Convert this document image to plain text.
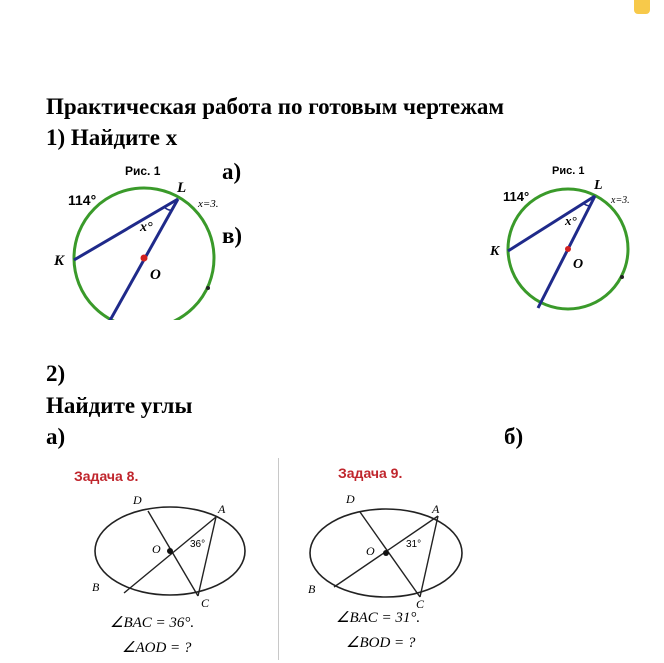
Практическая работа по готовым чертежам
1) Найдите х
а)
в)
2)
Найдите углы
а)	б)
Рис. 1
114°
x°
x=3.
K
L
O
Рис. 1
114°
x°
x=3.
K
L
O
Задача 8.
D
A
O
B
C
36°
∠BAC = 36°.
∠AOD = ?
Задача 9.
D
A
O
B
C
31°
∠BAC = 31°.
∠BOD = ?
